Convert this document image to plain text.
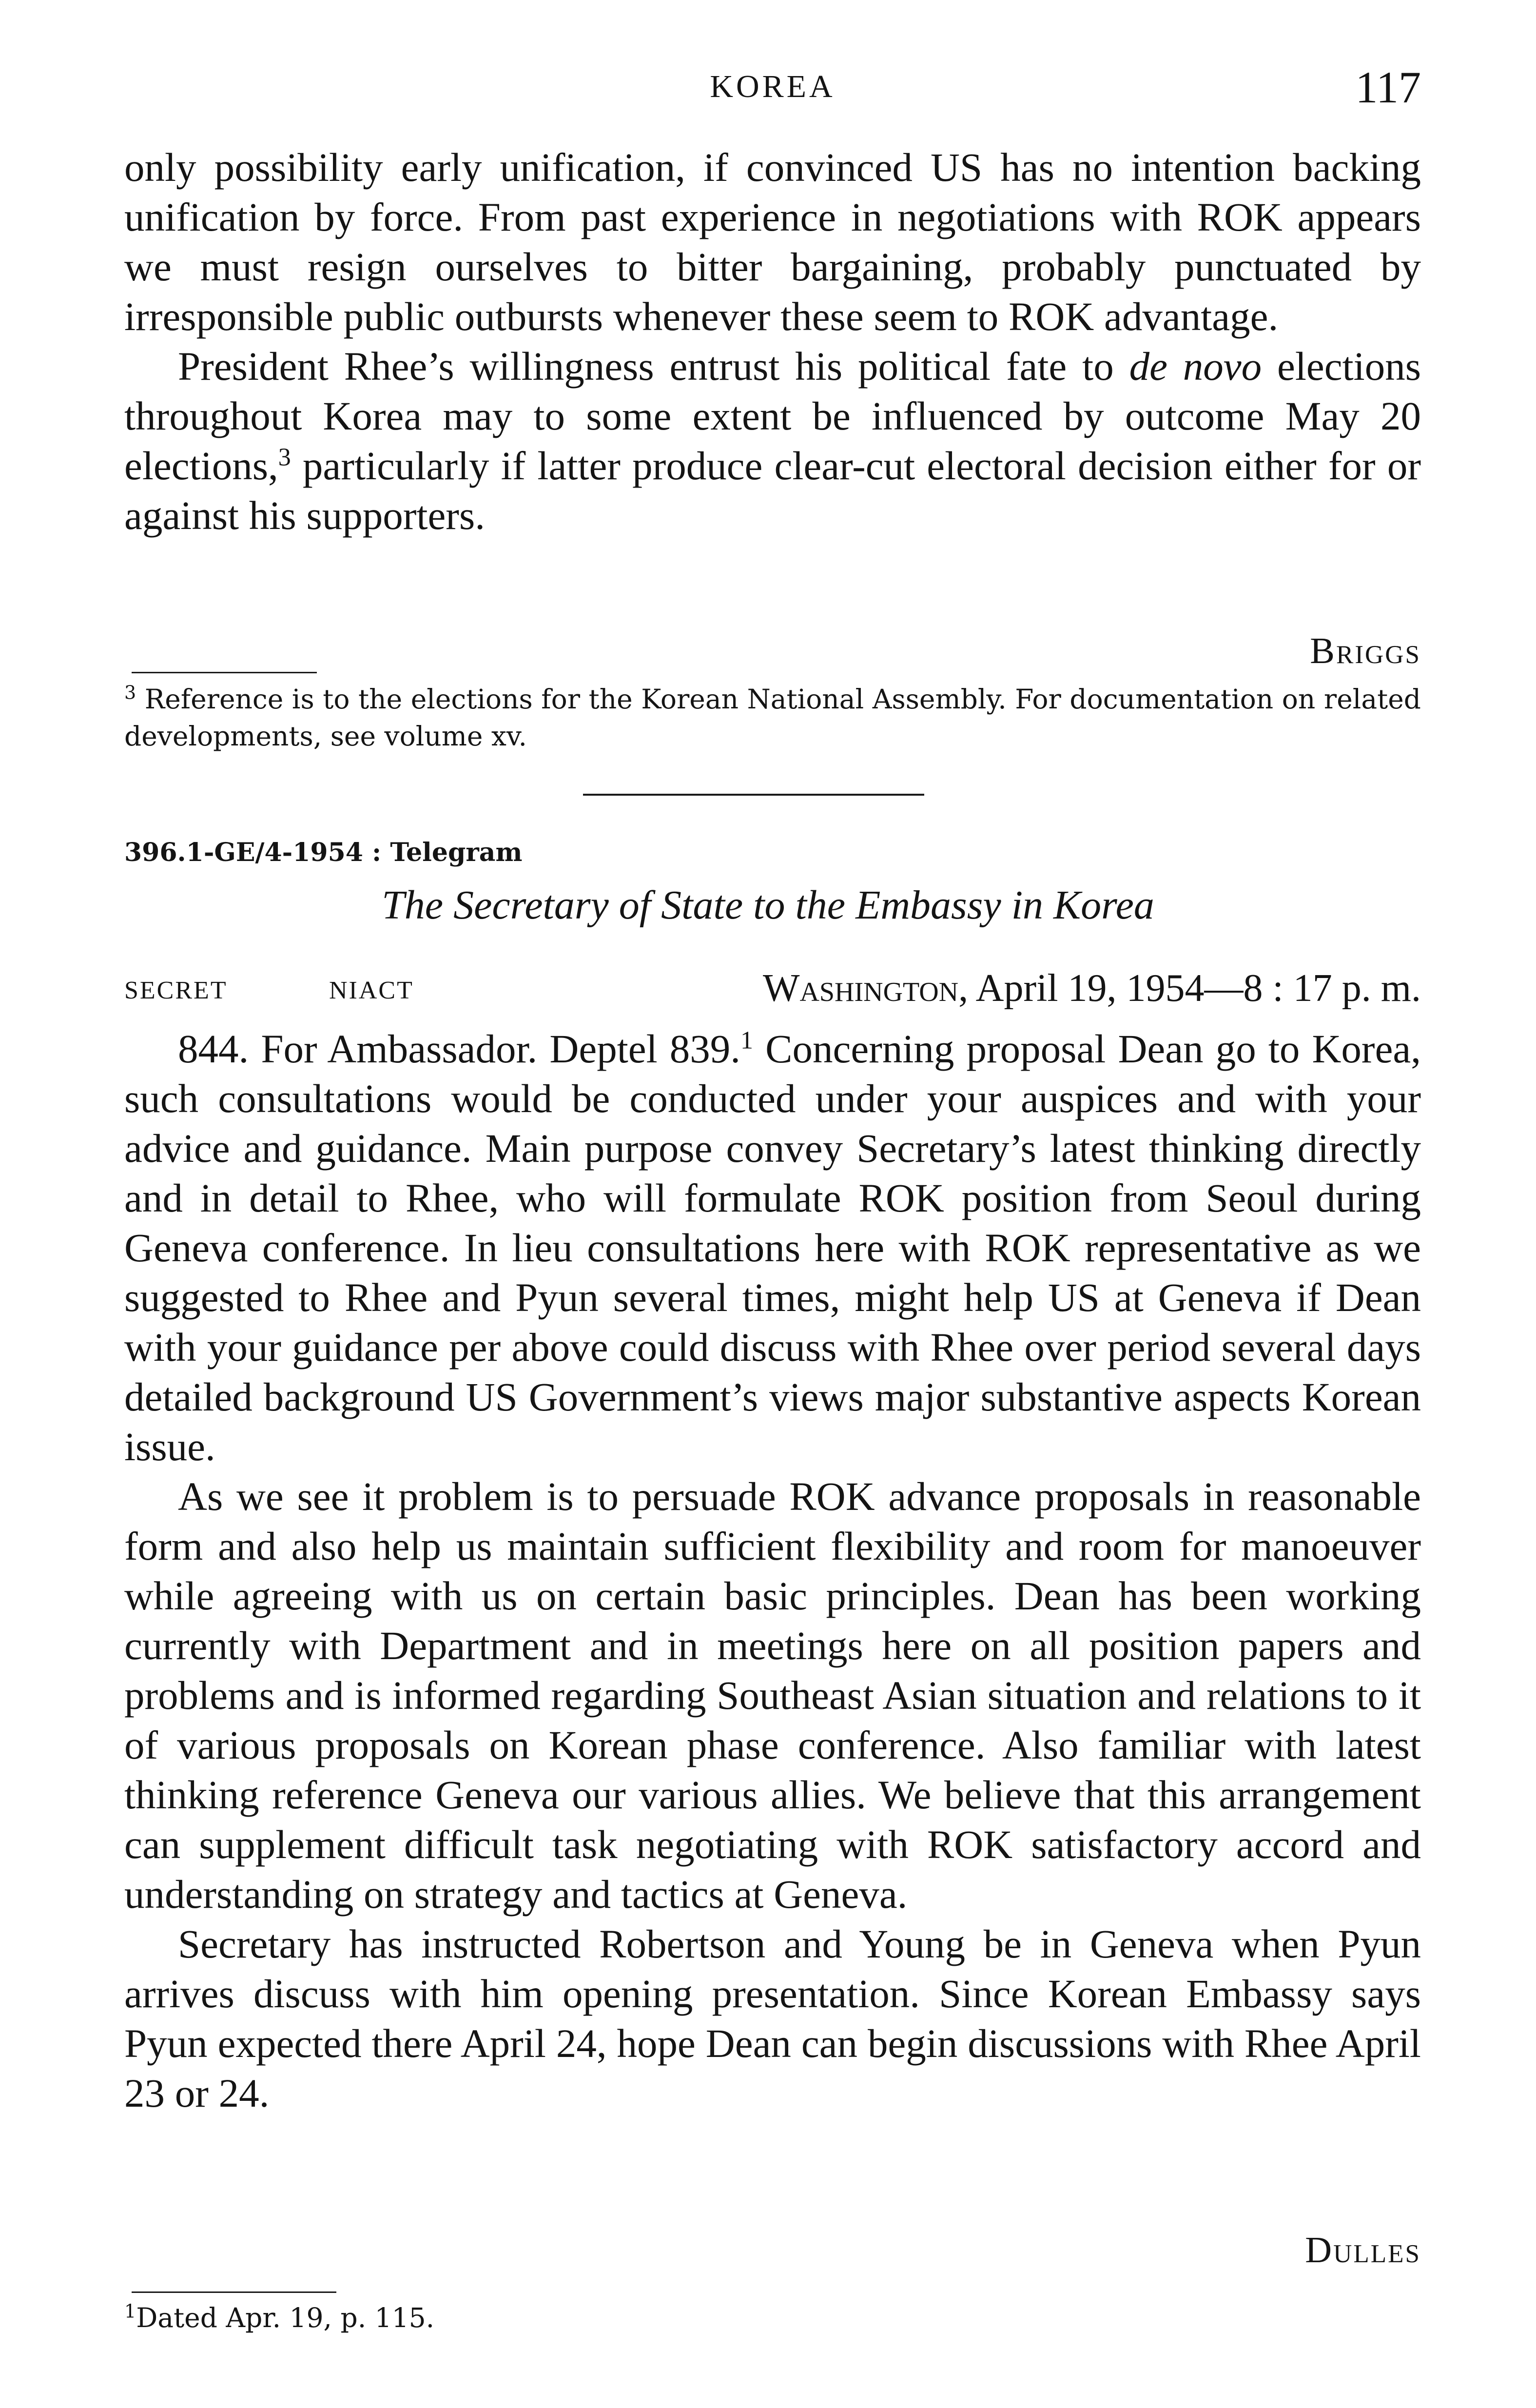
KOREA	117

only possibility early unification, if convinced US has no intention backing unification by force. From past experience in negotiations with ROK appears we must resign ourselves to bitter bargaining, probably punctuated by irresponsible public outbursts whenever these seem to ROK advantage.

President Rhee’s willingness entrust his political fate to de novo elections throughout Korea may to some extent be influenced by outcome May 20 elections,$^3$ particularly if latter produce clear-cut electoral decision either for or against his supporters.

Briggs

$^3$ Reference is to the elections for the Korean National Assembly. For documentation on related developments, see volume xv.

396.1-GE/4-1954 : Telegram
The Secretary of State to the Embassy in Korea
SECRET	NIACT	Washington, April 19, 1954—8 : 17 p. m.

844. For Ambassador. Deptel 839.$^1$ Concerning proposal Dean go to Korea, such consultations would be conducted under your auspices and with your advice and guidance. Main purpose convey Secretary’s latest thinking directly and in detail to Rhee, who will formulate ROK position from Seoul during Geneva conference. In lieu consultations here with ROK representative as we suggested to Rhee and Pyun several times, might help US at Geneva if Dean with your guidance per above could discuss with Rhee over period several days detailed background US Government’s views major substantive aspects Korean issue.

As we see it problem is to persuade ROK advance proposals in reasonable form and also help us maintain sufficient flexibility and room for manoeuver while agreeing with us on certain basic principles. Dean has been working currently with Department and in meetings here on all position papers and problems and is informed regarding Southeast Asian situation and relations to it of various proposals on Korean phase conference. Also familiar with latest thinking reference Geneva our various allies. We believe that this arrangement can supplement difficult task negotiating with ROK satisfactory accord and understanding on strategy and tactics at Geneva.

Secretary has instructed Robertson and Young be in Geneva when Pyun arrives discuss with him opening presentation. Since Korean Embassy says Pyun expected there April 24, hope Dean can begin discussions with Rhee April 23 or 24.

Dulles

$^1$Dated Apr. 19, p. 115.
